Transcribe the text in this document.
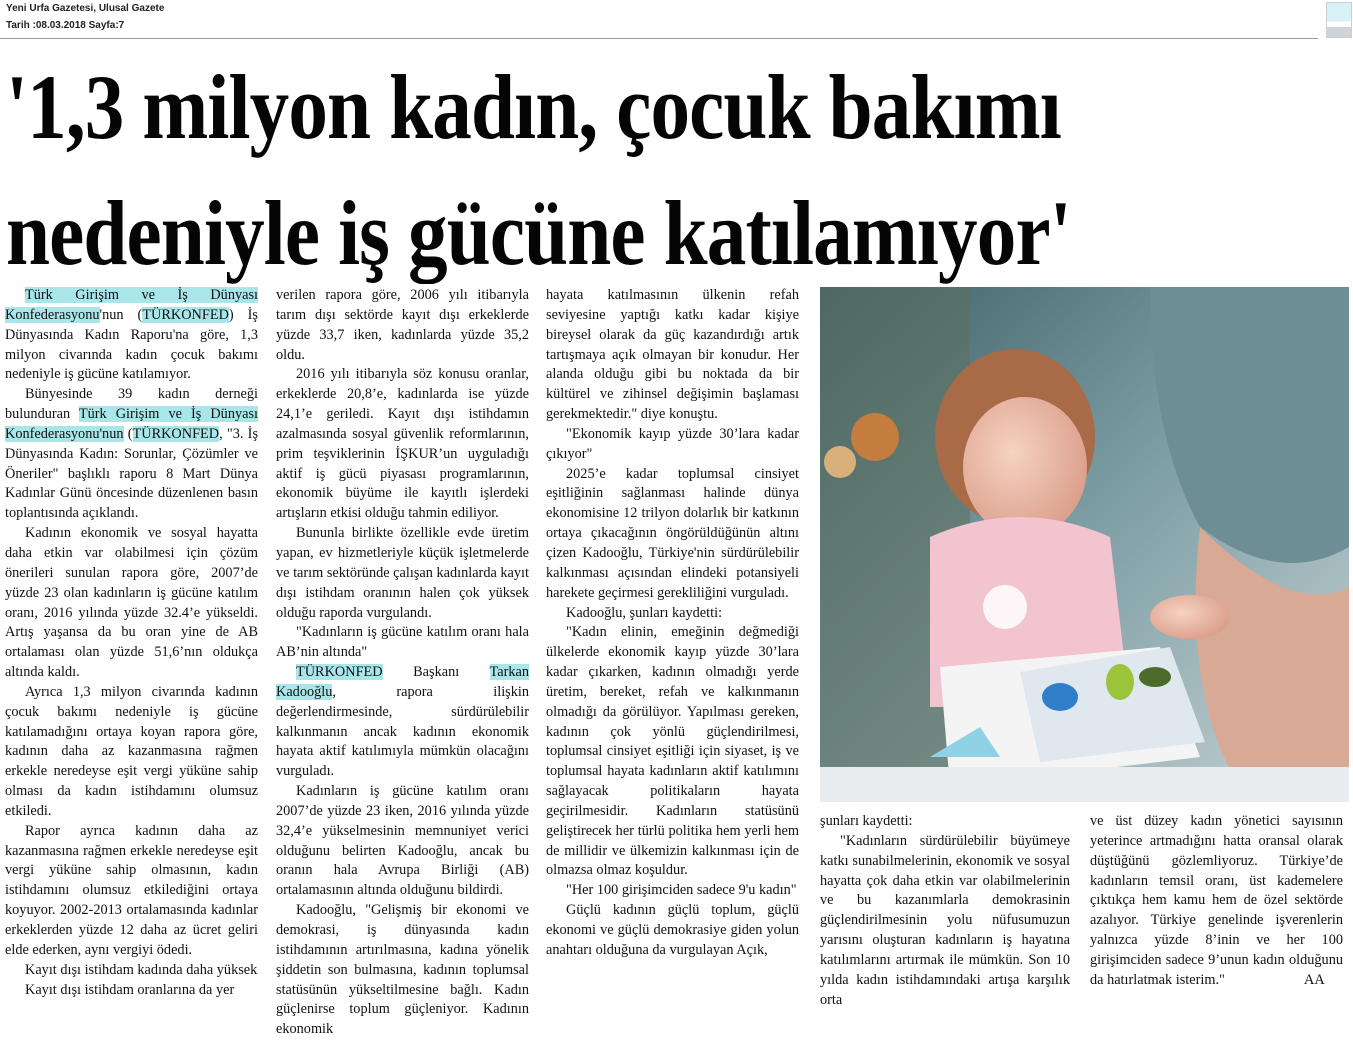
Yeni Urfa Gazetesi, Ulusal Gazete
Tarih :08.03.2018 Sayfa:7
'1,3 milyon kadın, çocuk bakımı
nedeniyle iş gücüne katılamıyor'

Türk Girişim ve İş Dünyası Konfederasyonu'nun (TÜRKONFED) İş Dünyasında Kadın Raporu'na göre, 1,3 milyon civarında kadın çocuk bakımı nedeniyle iş gücüne katılamıyor.

Bünyesinde 39 kadın derneği bulunduran Türk Girişim ve İş Dünyası Konfederasyonu'nun (TÜRKONFED, "3. İş Dünyasında Kadın: Sorunlar, Çözümler ve Öneriler" başlıklı raporu 8 Mart Dünya Kadınlar Günü öncesinde düzenlenen basın toplantısında açıklandı.

Kadının ekonomik ve sosyal hayatta daha etkin var olabilmesi için çözüm önerileri sunulan rapora göre, 2007’de yüzde 23 olan kadınların iş gücüne katılım oranı, 2016 yılında yüzde 32.4’e yükseldi. Artış yaşansa da bu oran yine de AB ortalaması olan yüzde 51,6’nın oldukça altında kaldı.

Ayrıca 1,3 milyon civarında kadının çocuk bakımı nedeniyle iş gücüne katılamadığını ortaya koyan rapora göre, kadının daha az kazanmasına rağmen erkekle neredeyse eşit vergi yüküne sahip olması da kadın istihdamını olumsuz etkiledi.

Rapor ayrıca kadının daha az kazanmasına rağmen erkekle neredeyse eşit vergi yüküne sahip olmasının, kadın istihdamını olumsuz etkilediğini ortaya koyuyor. 2002-2013 ortalamasında kadınlar erkeklerden yüzde 12 daha az ücret geliri elde ederken, aynı vergiyi ödedi.

Kayıt dışı istihdam kadında daha yüksek

Kayıt dışı istihdam oranlarına da yer

verilen rapora göre, 2006 yılı itibarıyla tarım dışı sektörde kayıt dışı erkeklerde yüzde 33,7 iken, kadınlarda yüzde 35,2 oldu.

2016 yılı itibarıyla söz konusu oranlar, erkeklerde 20,8’e, kadınlarda ise yüzde 24,1’e geriledi. Kayıt dışı istihdamın azalmasında sosyal güvenlik reformlarının, prim teşviklerinin İŞKUR’un uyguladığı aktif iş gücü piyasası programlarının, ekonomik büyüme ile kayıtlı işlerdeki artışların etkisi olduğu tahmin ediliyor.

Bununla birlikte özellikle evde üretim yapan, ev hizmetleriyle küçük işletmelerde ve tarım sektöründe çalışan kadınlarda kayıt dışı istihdam oranının halen çok yüksek olduğu raporda vurgulandı.

"Kadınların iş gücüne katılım oranı hala AB’nin altında"

TÜRKONFED Başkanı Tarkan Kadooğlu, rapora ilişkin değerlendirmesinde, sürdürülebilir kalkınmanın ancak kadının ekonomik hayata aktif katılımıyla mümkün olacağını vurguladı.

Kadınların iş gücüne katılım oranı 2007’de yüzde 23 iken, 2016 yılında yüzde 32,4’e yükselmesinin memnuniyet verici olduğunu belirten Kadooğlu, ancak bu oranın hala Avrupa Birliği (AB) ortalamasının altında olduğunu bildirdi.

Kadooğlu, "Gelişmiş bir ekonomi ve demokrasi, iş dünyasında kadın istihdamının artırılmasına, kadına yönelik şiddetin son bulmasına, kadının toplumsal statüsünün yükseltilmesine bağlı. Kadın güçlenirse toplum güçleniyor. Kadının ekonomik

hayata katılmasının ülkenin refah seviyesine yaptığı katkı kadar kişiye bireysel olarak da güç kazandırdığı artık tartışmaya açık olmayan bir konudur. Her alanda olduğu gibi bu noktada da bir kültürel ve zihinsel değişimin başlaması gerekmektedir." diye konuştu.

"Ekonomik kayıp yüzde 30’lara kadar çıkıyor"

2025’e kadar toplumsal cinsiyet eşitliğinin sağlanması halinde dünya ekonomisine 12 trilyon dolarlık bir katkının ortaya çıkacağının öngörüldüğünün altını çizen Kadooğlu, Türkiye'nin sürdürülebilir kalkınması açısından elindeki potansiyeli harekete geçirmesi gerekliliğini vurguladı.

Kadooğlu, şunları kaydetti:

"Kadın elinin, emeğinin değmediği ülkelerde ekonomik kayıp yüzde 30’lara kadar çıkarken, kadının olmadığı yerde üretim, bereket, refah ve kalkınmanın olmadığı da görülüyor. Yapılması gereken, kadının çok yönlü güçlendirilmesi, toplumsal cinsiyet eşitliği için siyaset, iş ve toplumsal hayata kadınların aktif katılımını sağlayacak politikaların hayata geçirilmesidir. Kadınların statüsünü geliştirecek her türlü politika hem yerli hem de millidir ve ülkemizin kalkınması için de olmazsa olmaz koşuldur.

"Her 100 girişimciden sadece 9'u kadın"

Güçlü kadının güçlü toplum, güçlü ekonomi ve güçlü demokrasiye giden yolun anahtarı olduğuna da vurgulayan Açık,

şunları kaydetti:

"Kadınların sürdürülebilir büyümeye katkı sunabilmelerinin, ekonomik ve sosyal hayatta çok daha etkin var olabilmelerinin ve bu kazanımlarla demokrasinin güçlendirilmesinin yolu nüfusumuzun yarısını oluşturan kadınların iş hayatına katılımlarını artırmak ile mümkün. Son 10 yılda kadın istihdamındaki artışa karşılık orta

ve üst düzey kadın yönetici sayısının yeterince artmadığını hatta oransal olarak düştüğünü gözlemliyoruz. Türkiye’de kadınların temsil oranı, üst kademelere çıktıkça hem kamu hem de özel sektörde azalıyor. Türkiye genelinde işverenlerin yalnızca yüzde 8’inin ve her 100 girişimciden sadece 9’unun kadın olduğunu da hatırlatmak isterim."	AA
